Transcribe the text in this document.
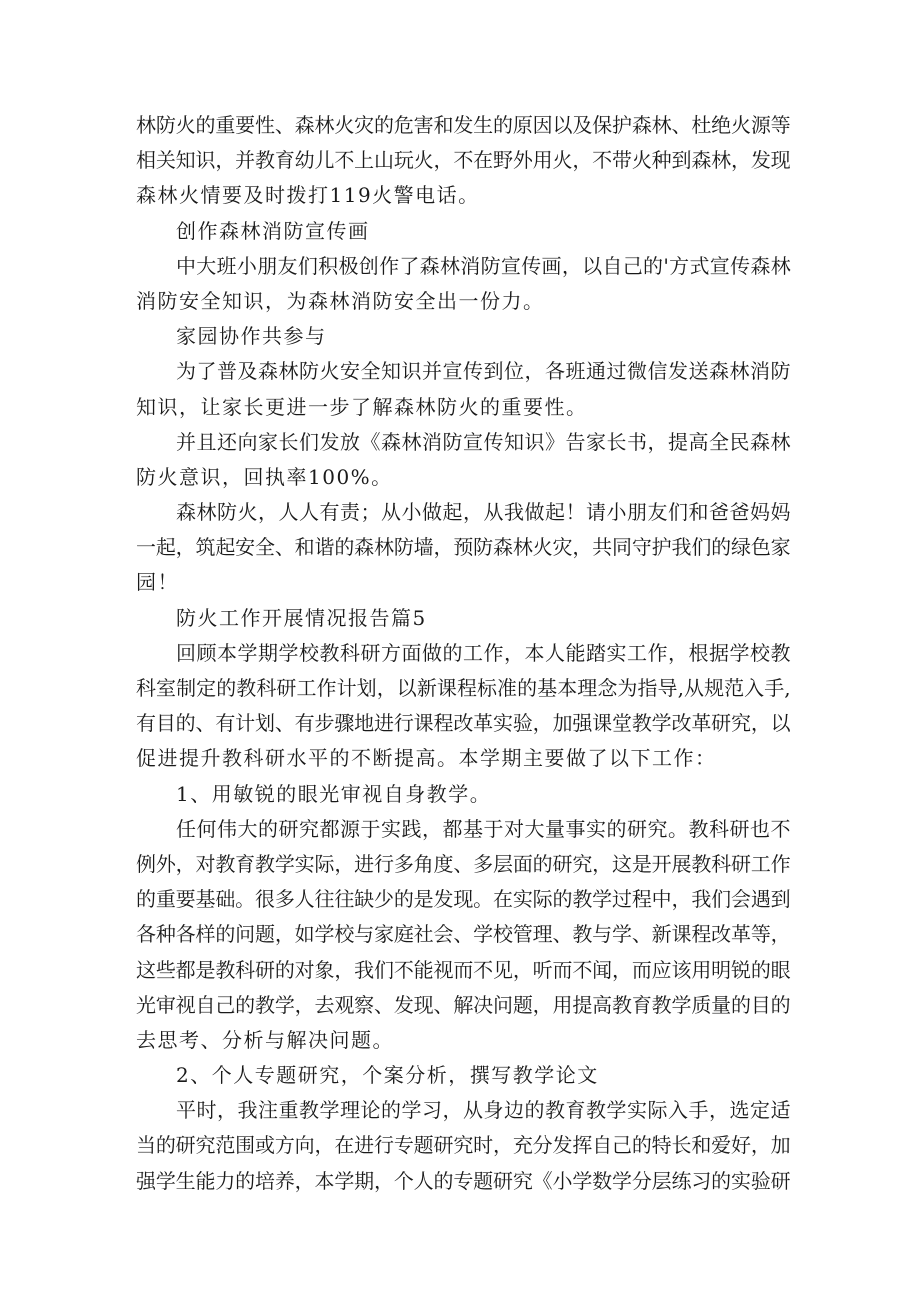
林防火的重要性、森林火灾的危害和发生的原因以及保护森林、杜绝火源等
相关知识，并教育幼儿不上山玩火，不在野外用火，不带火种到森林，发现
森林火情要及时拨打119火警电话。
创作森林消防宣传画
中大班小朋友们积极创作了森林消防宣传画，以自己的'方式宣传森林
消防安全知识，为森林消防安全出一份力。
家园协作共参与
为了普及森林防火安全知识并宣传到位，各班通过微信发送森林消防
知识，让家长更进一步了解森林防火的重要性。
并且还向家长们发放《森林消防宣传知识》告家长书，提高全民森林
防火意识，回执率100%。
森林防火，人人有责；从小做起，从我做起！请小朋友们和爸爸妈妈
一起，筑起安全、和谐的森林防墙，预防森林火灾，共同守护我们的绿色家
园！
防火工作开展情况报告篇5
回顾本学期学校教科研方面做的工作，本人能踏实工作，根据学校教
科室制定的教科研工作计划，以新课程标准的基本理念为指导,从规范入手,
有目的、有计划、有步骤地进行课程改革实验，加强课堂教学改革研究，以
促进提升教科研水平的不断提高。本学期主要做了以下工作：
1、用敏锐的眼光审视自身教学。
任何伟大的研究都源于实践，都基于对大量事实的研究。教科研也不
例外，对教育教学实际，进行多角度、多层面的研究，这是开展教科研工作
的重要基础。很多人往往缺少的是发现。在实际的教学过程中，我们会遇到
各种各样的问题，如学校与家庭社会、学校管理、教与学、新课程改革等，
这些都是教科研的对象，我们不能视而不见，听而不闻，而应该用明锐的眼
光审视自己的教学，去观察、发现、解决问题，用提高教育教学质量的目的
去思考、分析与解决问题。
2、个人专题研究，个案分析，撰写教学论文
平时，我注重教学理论的学习，从身边的教育教学实际入手，选定适
当的研究范围或方向，在进行专题研究时，充分发挥自己的特长和爱好，加
强学生能力的培养，本学期，个人的专题研究《小学数学分层练习的实验研
